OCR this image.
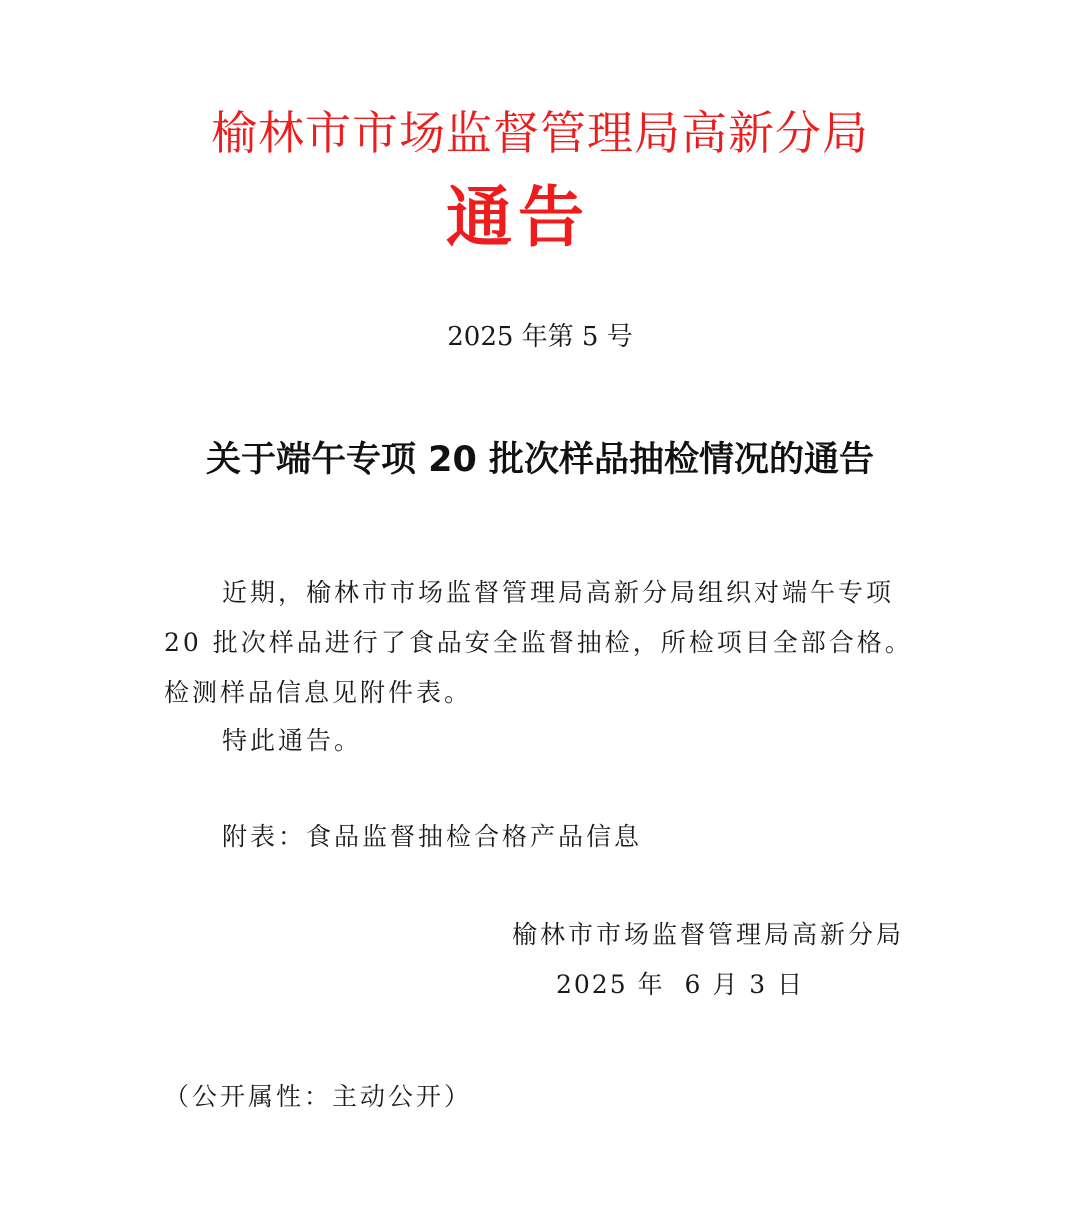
榆林市市场监督管理局高新分局
通告
2025 年第 5 号
关于端午专项 20 批次样品抽检情况的通告
近期，榆林市市场监督管理局高新分局组织对端午专项 20 批次样品进行了食品安全监督抽检，所检项目全部合格。检测样品信息见附件表。
特此通告。
附表：食品监督抽检合格产品信息
榆林市市场监督管理局高新分局
2025 年  6 月 3 日
（公开属性：主动公开）
